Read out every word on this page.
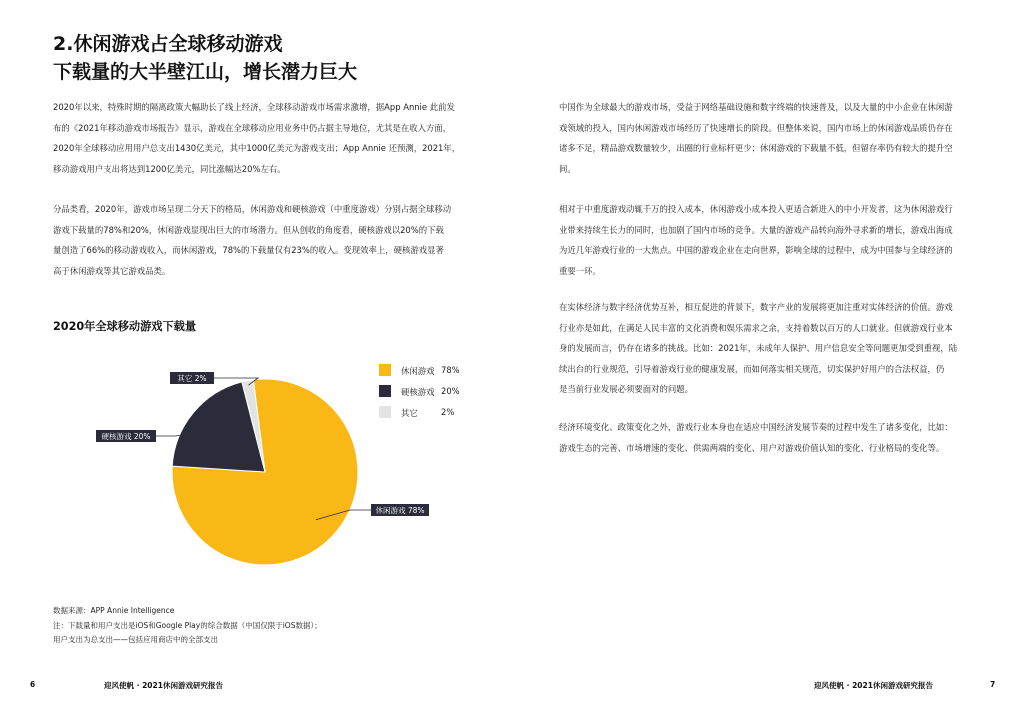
2.休闲游戏占全球移动游戏
下载量的大半壁江山，增长潜力巨大

2020年以来，特殊时期的隔离政策大幅助长了线上经济，全球移动游戏市场需求激增，据App Annie 此前发
布的《2021年移动游戏市场报告》显示，游戏在全球移动应用业务中仍占据主导地位，尤其是在收入方面，
2020年全球移动应用用户总支出1430亿美元，其中1000亿美元为游戏支出；App Annie 还预测，2021年，
移动游戏用户支出将达到1200亿美元，同比涨幅达20%左右。

分品类看，2020年，游戏市场呈现二分天下的格局，休闲游戏和硬核游戏（中重度游戏）分别占据全球移动
游戏下载量的78%和20%，休闲游戏显现出巨大的市场潜力。但从创收的角度看，硬核游戏以20%的下载
量创造了66%的移动游戏收入，而休闲游戏，78%的下载量仅有23%的收入。变现效率上，硬核游戏显著
高于休闲游戏等其它游戏品类。

2020年全球移动游戏下载量
休闲游戏 78%
硬核游戏 20%
其它 2%
休闲游戏 78%
硬核游戏 20%
其它	2%

数据来源：APP Annie Intelligence
注：下载量和用户支出是iOS和Google Play的综合数据（中国仅限于iOS数据）；
用户支出为总支出——包括应用商店中的全部支出

6	迎风使帆 · 2021休闲游戏研究报告

中国作为全球最大的游戏市场，受益于网络基础设施和数字终端的快速普及，以及大量的中小企业在休闲游
戏领域的投入，国内休闲游戏市场经历了快速增长的阶段。但整体来说，国内市场上的休闲游戏品质仍存在
诸多不足，精品游戏数量较少，出圈的行业标杆更少；休闲游戏的下载量不低，但留存率仍有较大的提升空
间。

相对于中重度游戏动辄千万的投入成本，休闲游戏小成本投入更适合新进入的中小开发者，这为休闲游戏行
业带来持续生长力的同时，也加剧了国内市场的竞争。大量的游戏产品转向海外寻求新的增长，游戏出海成
为近几年游戏行业的一大焦点。中国的游戏企业在走向世界，影响全球的过程中，成为中国参与全球经济的
重要一环。

在实体经济与数字经济优势互补，相互促进的背景下，数字产业的发展将更加注重对实体经济的价值。游戏
行业亦是如此，在满足人民丰富的文化消费和娱乐需求之余，支持着数以百万的人口就业。但就游戏行业本
身的发展而言，仍存在诸多的挑战。比如：2021年，未成年人保护、用户信息安全等问题更加受到重视，陆
续出台的行业规范，引导着游戏行业的健康发展，而如何落实相关规范，切实保护好用户的合法权益，仍
是当前行业发展必须要面对的问题。

经济环境变化、政策变化之外，游戏行业本身也在适应中国经济发展节奏的过程中发生了诸多变化，比如：
游戏生态的完善、市场增速的变化、供需两端的变化、用户对游戏价值认知的变化、行业格局的变化等。

迎风使帆 · 2021休闲游戏研究报告	7
